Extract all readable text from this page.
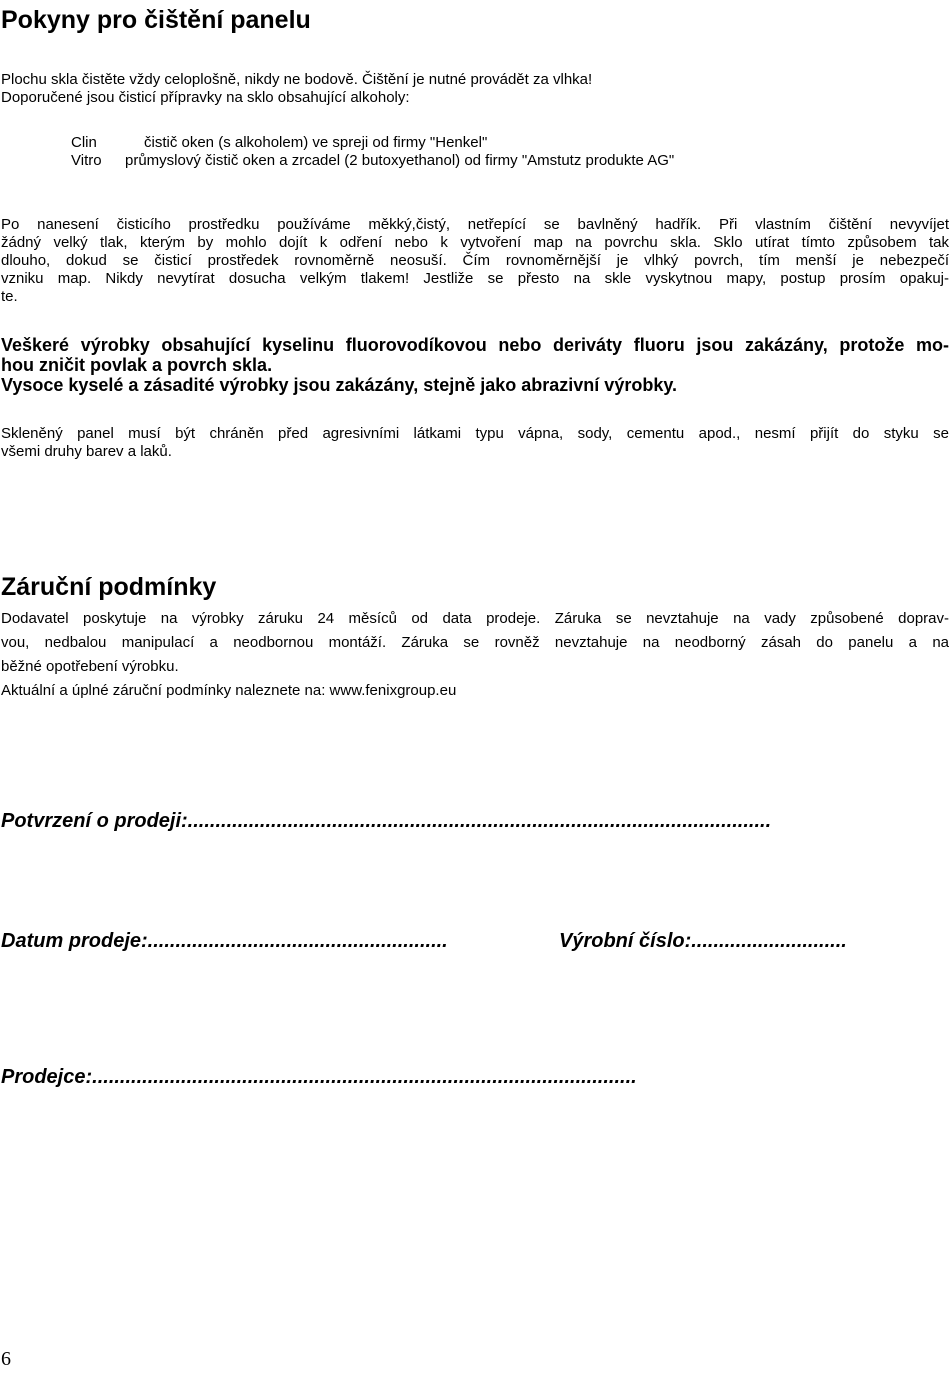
Pokyny pro čištění panelu
Plochu skla čistěte vždy celoplošně, nikdy ne bodově. Čištění je nutné provádět za vlhka!
Doporučené jsou čisticí přípravky na sklo obsahující alkoholy:
Clin	čistič oken (s alkoholem) ve spreji od firmy "Henkel"
Vitro průmyslový čistič oken a zrcadel (2 butoxyethanol) od firmy "Amstutz produkte AG"
Po nanesení čisticího prostředku používáme měkký,čistý, netřepící se bavlněný hadřík. Při vlastním čištění nevyvíjet
žádný velký tlak, kterým by mohlo dojít k odření nebo k vytvoření map na povrchu skla. Sklo utírat tímto způsobem tak
dlouho, dokud se čisticí prostředek rovnoměrně neosuší. Čím rovnoměrnější je vlhký povrch, tím menší je nebezpečí
vzniku map. Nikdy nevytírat dosucha velkým tlakem! Jestliže se přesto na skle vyskytnou mapy, postup prosím opakuj-
te.
Veškeré výrobky obsahující kyselinu fluorovodíkovou nebo deriváty fluoru jsou zakázány, protože mo-
hou zničit povlak a povrch skla.
Vysoce kyselé a zásadité výrobky jsou zakázány, stejně jako abrazivní výrobky.
Skleněný panel musí být chráněn před agresivními látkami typu vápna, sody, cementu apod., nesmí přijít do styku se
všemi druhy barev a laků.
Záruční podmínky
Dodavatel poskytuje na výrobky záruku 24 měsíců od data prodeje. Záruka se nevztahuje na vady způsobené doprav-
vou, nedbalou manipulací a neodbornou montáží. Záruka se rovněž nevztahuje na neodborný zásah do panelu a na
běžné opotřebení výrobku.
Aktuální a úplné záruční podmínky naleznete na: www.fenixgroup.eu
Potvrzení o prodeji:.........................................................................................................
Datum prodeje:......................................................	Výrobní číslo:............................
Prodejce:..................................................................................................
6
